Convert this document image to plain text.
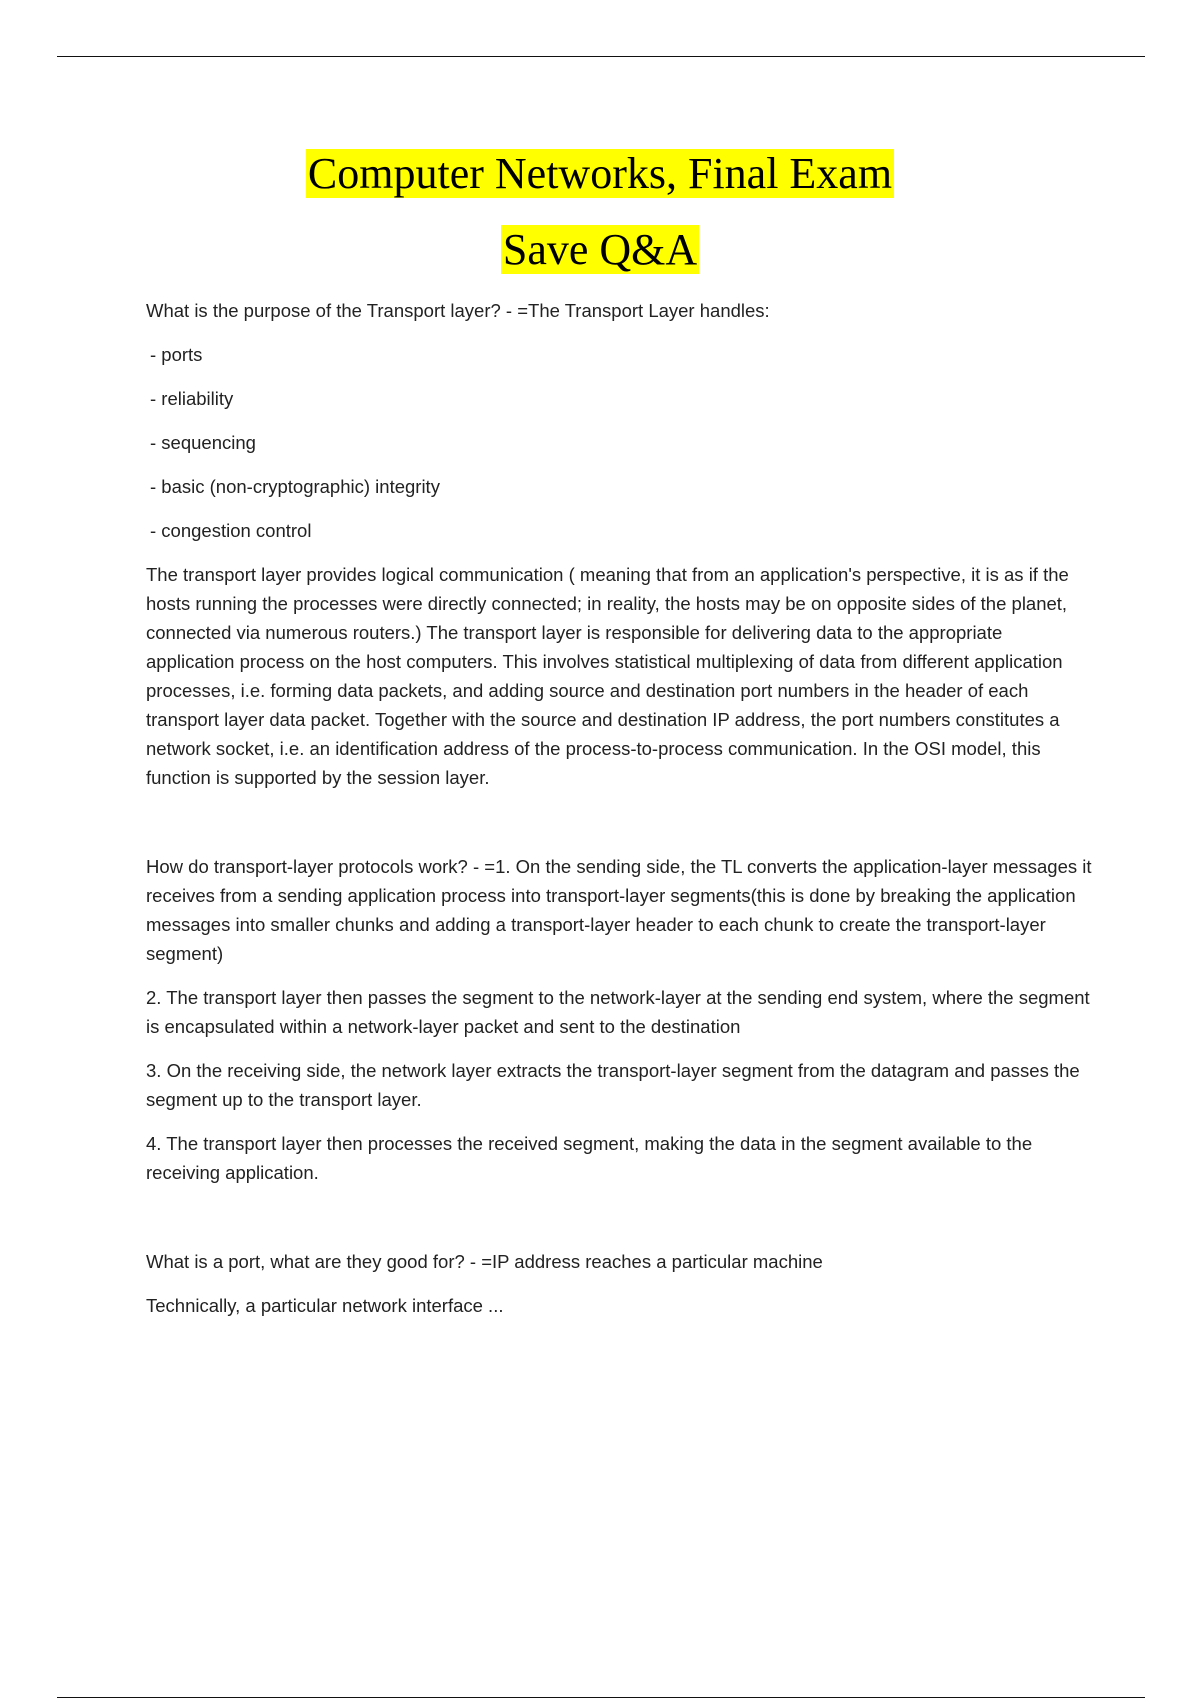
Computer Networks, Final Exam
Save Q&A

What is the purpose of the Transport layer? - =The Transport Layer handles:

- ports

- reliability

- sequencing

- basic (non-cryptographic) integrity

- congestion control

The transport layer provides logical communication ( meaning that from an application's perspective, it is as if the hosts running the processes were directly connected; in reality, the hosts may be on opposite sides of the planet, connected via numerous routers.) The transport layer is responsible for delivering data to the appropriate application process on the host computers. This involves statistical multiplexing of data from different application processes, i.e. forming data packets, and adding source and destination port numbers in the header of each transport layer data packet. Together with the source and destination IP address, the port numbers constitutes a network socket, i.e. an identification address of the process-to-process communication. In the OSI model, this function is supported by the session layer.

How do transport-layer protocols work? - =1. On the sending side, the TL converts the application-layer messages it receives from a sending application process into transport-layer segments(this is done by breaking the application messages into smaller chunks and adding a transport-layer header to each chunk to create the transport-layer segment)

2. The transport layer then passes the segment to the network-layer at the sending end system, where the segment is encapsulated within a network-layer packet and sent to the destination

3. On the receiving side, the network layer extracts the transport-layer segment from the datagram and passes the segment up to the transport layer.

4. The transport layer then processes the received segment, making the data in the segment available to the receiving application.

What is a port, what are they good for? - =IP address reaches a particular machine

Technically, a particular network interface ...
